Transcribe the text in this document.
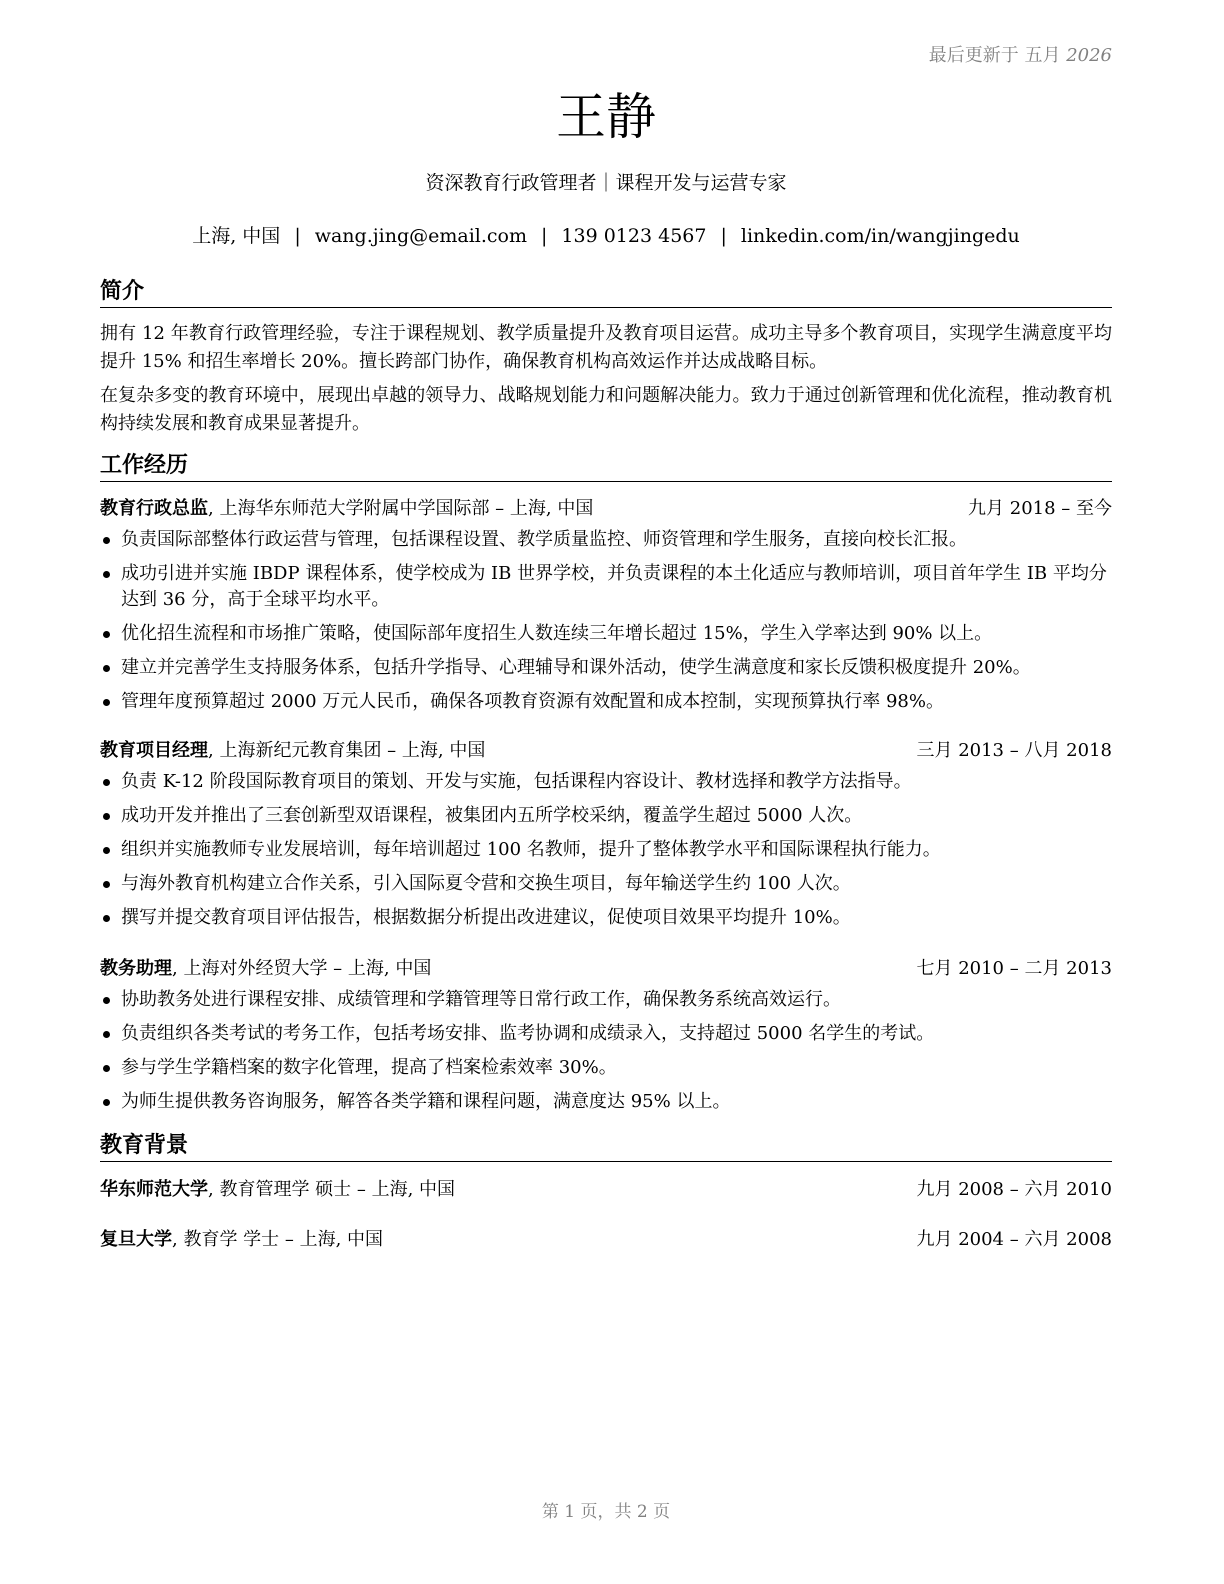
最后更新于 五月 2026
王静
资深教育行政管理者｜课程开发与运营专家
上海, 中国 | wang.jing@email.com | 139 0123 4567 | linkedin.com/in/wangjingedu
简介
拥有 12 年教育行政管理经验，专注于课程规划、教学质量提升及教育项目运营。成功主导多个教育项目，实现学生满意度平均提升 15% 和招生率增长 20%。擅长跨部门协作，确保教育机构高效运作并达成战略目标。
在复杂多变的教育环境中，展现出卓越的领导力、战略规划能力和问题解决能力。致力于通过创新管理和优化流程，推动教育机构持续发展和教育成果显著提升。
工作经历
教育行政总监, 上海华东师范大学附属中学国际部 – 上海, 中国	九月 2018 – 至今
负责国际部整体行政运营与管理，包括课程设置、教学质量监控、师资管理和学生服务，直接向校长汇报。
成功引进并实施 IBDP 课程体系，使学校成为 IB 世界学校，并负责课程的本土化适应与教师培训，项目首年学生 IB 平均分达到 36 分，高于全球平均水平。
优化招生流程和市场推广策略，使国际部年度招生人数连续三年增长超过 15%，学生入学率达到 90% 以上。
建立并完善学生支持服务体系，包括升学指导、心理辅导和课外活动，使学生满意度和家长反馈积极度提升 20%。
管理年度预算超过 2000 万元人民币，确保各项教育资源有效配置和成本控制，实现预算执行率 98%。
教育项目经理, 上海新纪元教育集团 – 上海, 中国	三月 2013 – 八月 2018
负责 K-12 阶段国际教育项目的策划、开发与实施，包括课程内容设计、教材选择和教学方法指导。
成功开发并推出了三套创新型双语课程，被集团内五所学校采纳，覆盖学生超过 5000 人次。
组织并实施教师专业发展培训，每年培训超过 100 名教师，提升了整体教学水平和国际课程执行能力。
与海外教育机构建立合作关系，引入国际夏令营和交换生项目，每年输送学生约 100 人次。
撰写并提交教育项目评估报告，根据数据分析提出改进建议，促使项目效果平均提升 10%。
教务助理, 上海对外经贸大学 – 上海, 中国	七月 2010 – 二月 2013
协助教务处进行课程安排、成绩管理和学籍管理等日常行政工作，确保教务系统高效运行。
负责组织各类考试的考务工作，包括考场安排、监考协调和成绩录入，支持超过 5000 名学生的考试。
参与学生学籍档案的数字化管理，提高了档案检索效率 30%。
为师生提供教务咨询服务，解答各类学籍和课程问题，满意度达 95% 以上。
教育背景
华东师范大学, 教育管理学 硕士 – 上海, 中国	九月 2008 – 六月 2010
复旦大学, 教育学 学士 – 上海, 中国	九月 2004 – 六月 2008
第 1 页，共 2 页
